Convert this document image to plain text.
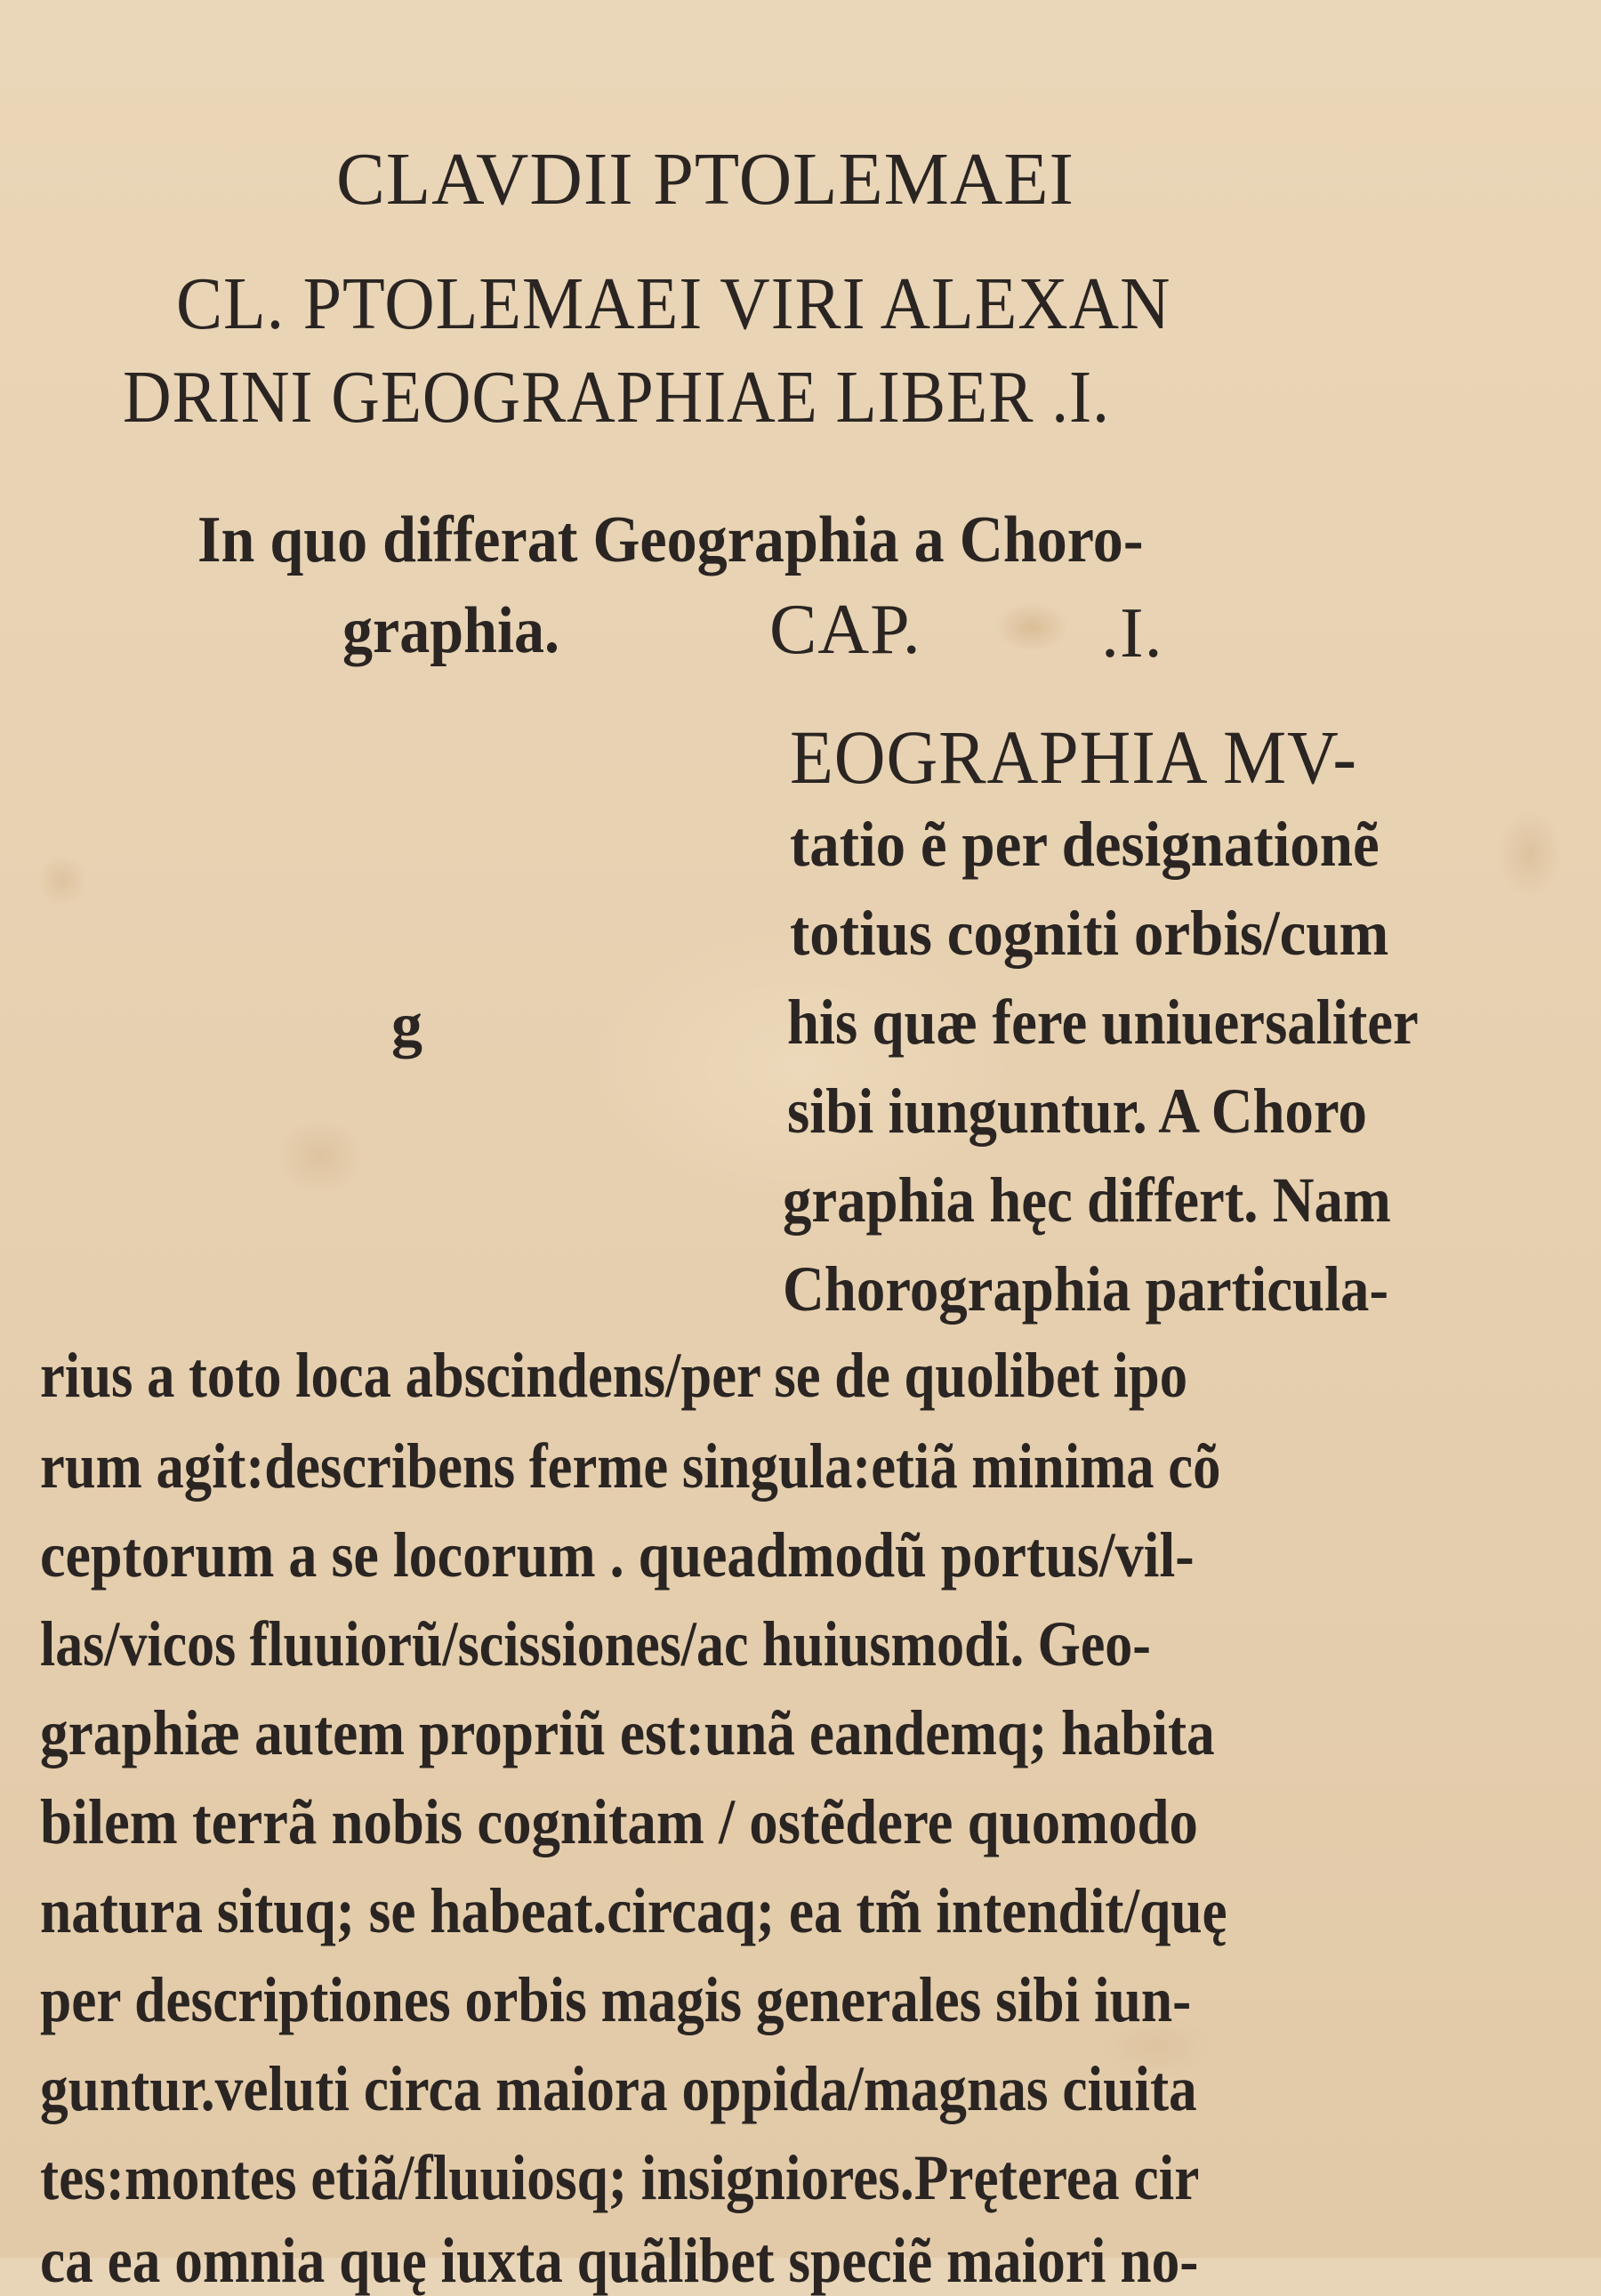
CLAVDII PTOLEMAEI
CL. PTOLEMAEI VIRI ALEXAN
DRINI GEOGRAPHIAE LIBER .I.
In quo differat Geographia a Choro-
graphia.	CAP.	.I.
g
EOGRAPHIA MV-
tatio ẽ per designationẽ
totius cogniti orbis/cum
his quæ fere uniuersaliter
sibi iunguntur. A Choro
graphia hęc differt. Nam
Chorographia particula-
rius a toto loca abscindens/per se de quolibet ipo
rum agit:describens ferme singula:etiã minima cõ
ceptorum a se locorum . queadmodũ portus/vil-
las/vicos fluuiorũ/scissiones/ac huiusmodi. Geo-
graphiæ autem propriũ est:unã eandemq; habita
bilem terrã nobis cognitam / ostẽdere quomodo
natura situq; se habeat.circaq; ea tm̃ intendit/quę
per descriptiones orbis magis generales sibi iun-
guntur.veluti circa maiora oppida/magnas ciuita
tes:montes etiã/fluuiosq; insigniores.Pręterea cir
ca ea omnia quę iuxta quãlibet speciẽ maiori no-
